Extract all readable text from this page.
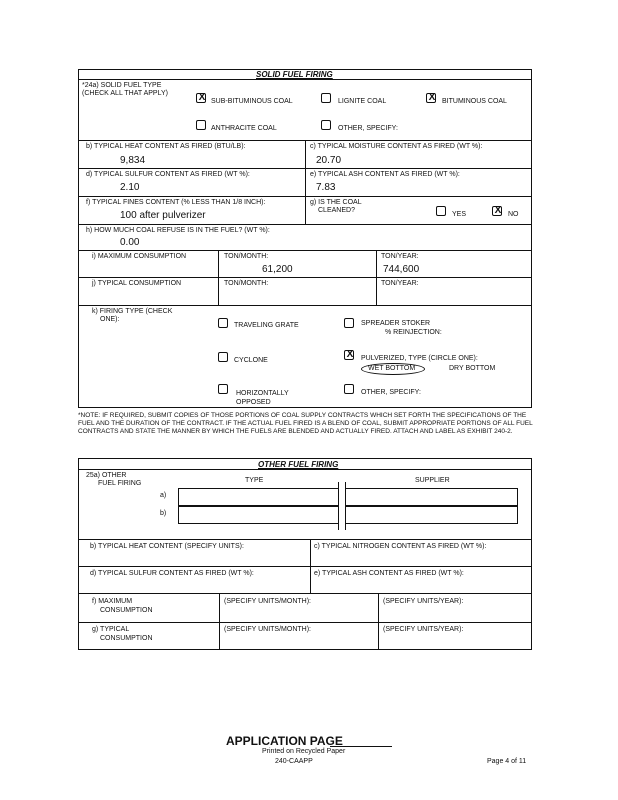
SOLID FUEL FIRING
*24a) SOLID FUEL TYPE
(CHECK ALL THAT APPLY)	X SUB-BITUMINOUS COAL	LIGNITE COAL	X BITUMINOUS COAL
ANTHRACITE COAL	OTHER, SPECIFY:
b) TYPICAL HEAT CONTENT AS FIRED (BTU/LB):
9,834
c) TYPICAL MOISTURE CONTENT AS FIRED (WT %):
20.70
d) TYPICAL SULFUR CONTENT AS FIRED (WT %):
2.10
e) TYPICAL ASH CONTENT AS FIRED (WT %):
7.83
f) TYPICAL FINES CONTENT (% LESS THAN 1/8 INCH):
100 after pulverizer
g) IS THE COAL
CLEANED?
YES	X NO
h) HOW MUCH COAL REFUSE IS IN THE FUEL? (WT %):
0.00
i) MAXIMUM CONSUMPTION	TON/MONTH:
61,200
TON/YEAR:
744,600
j) TYPICAL CONSUMPTION	TON/MONTH:	TON/YEAR:
k) FIRING TYPE (CHECK
ONE):
TRAVELING GRATE	SPREADER STOKER
% REINJECTION:
CYCLONE
X PULVERIZED, TYPE (CIRCLE ONE):
WET BOTTOM	DRY BOTTOM
HORIZONTALLY
OPPOSED
OTHER, SPECIFY:
*NOTE: IF REQUIRED, SUBMIT COPIES OF THOSE PORTIONS OF COAL SUPPLY CONTRACTS WHICH SET FORTH THE SPECIFICATIONS OF THE FUEL AND THE DURATION OF THE CONTRACT. IF THE ACTUAL FUEL FIRED IS A BLEND OF COAL, SUBMIT APPROPRIATE PORTIONS OF ALL FUEL CONTRACTS AND STATE THE MANNER BY WHICH THE FUELS ARE BLENDED AND ACTUALLY FIRED. ATTACH AND LABEL AS EXHIBIT 240-2.
OTHER FUEL FIRING
25a) OTHER
FUEL FIRING	TYPE	SUPPLIER
a)
b)
b) TYPICAL HEAT CONTENT (SPECIFY UNITS):	c) TYPICAL NITROGEN CONTENT AS FIRED (WT %):
d) TYPICAL SULFUR CONTENT AS FIRED (WT %):	e) TYPICAL ASH CONTENT AS FIRED (WT %):
f) MAXIMUM
CONSUMPTION
(SPECIFY UNITS/MONTH):	(SPECIFY UNITS/YEAR):
g) TYPICAL
CONSUMPTION
(SPECIFY UNITS/MONTH):	(SPECIFY UNITS/YEAR):
APPLICATION PAGE
Printed on Recycled Paper
240-CAAPP	Page 4 of 11
